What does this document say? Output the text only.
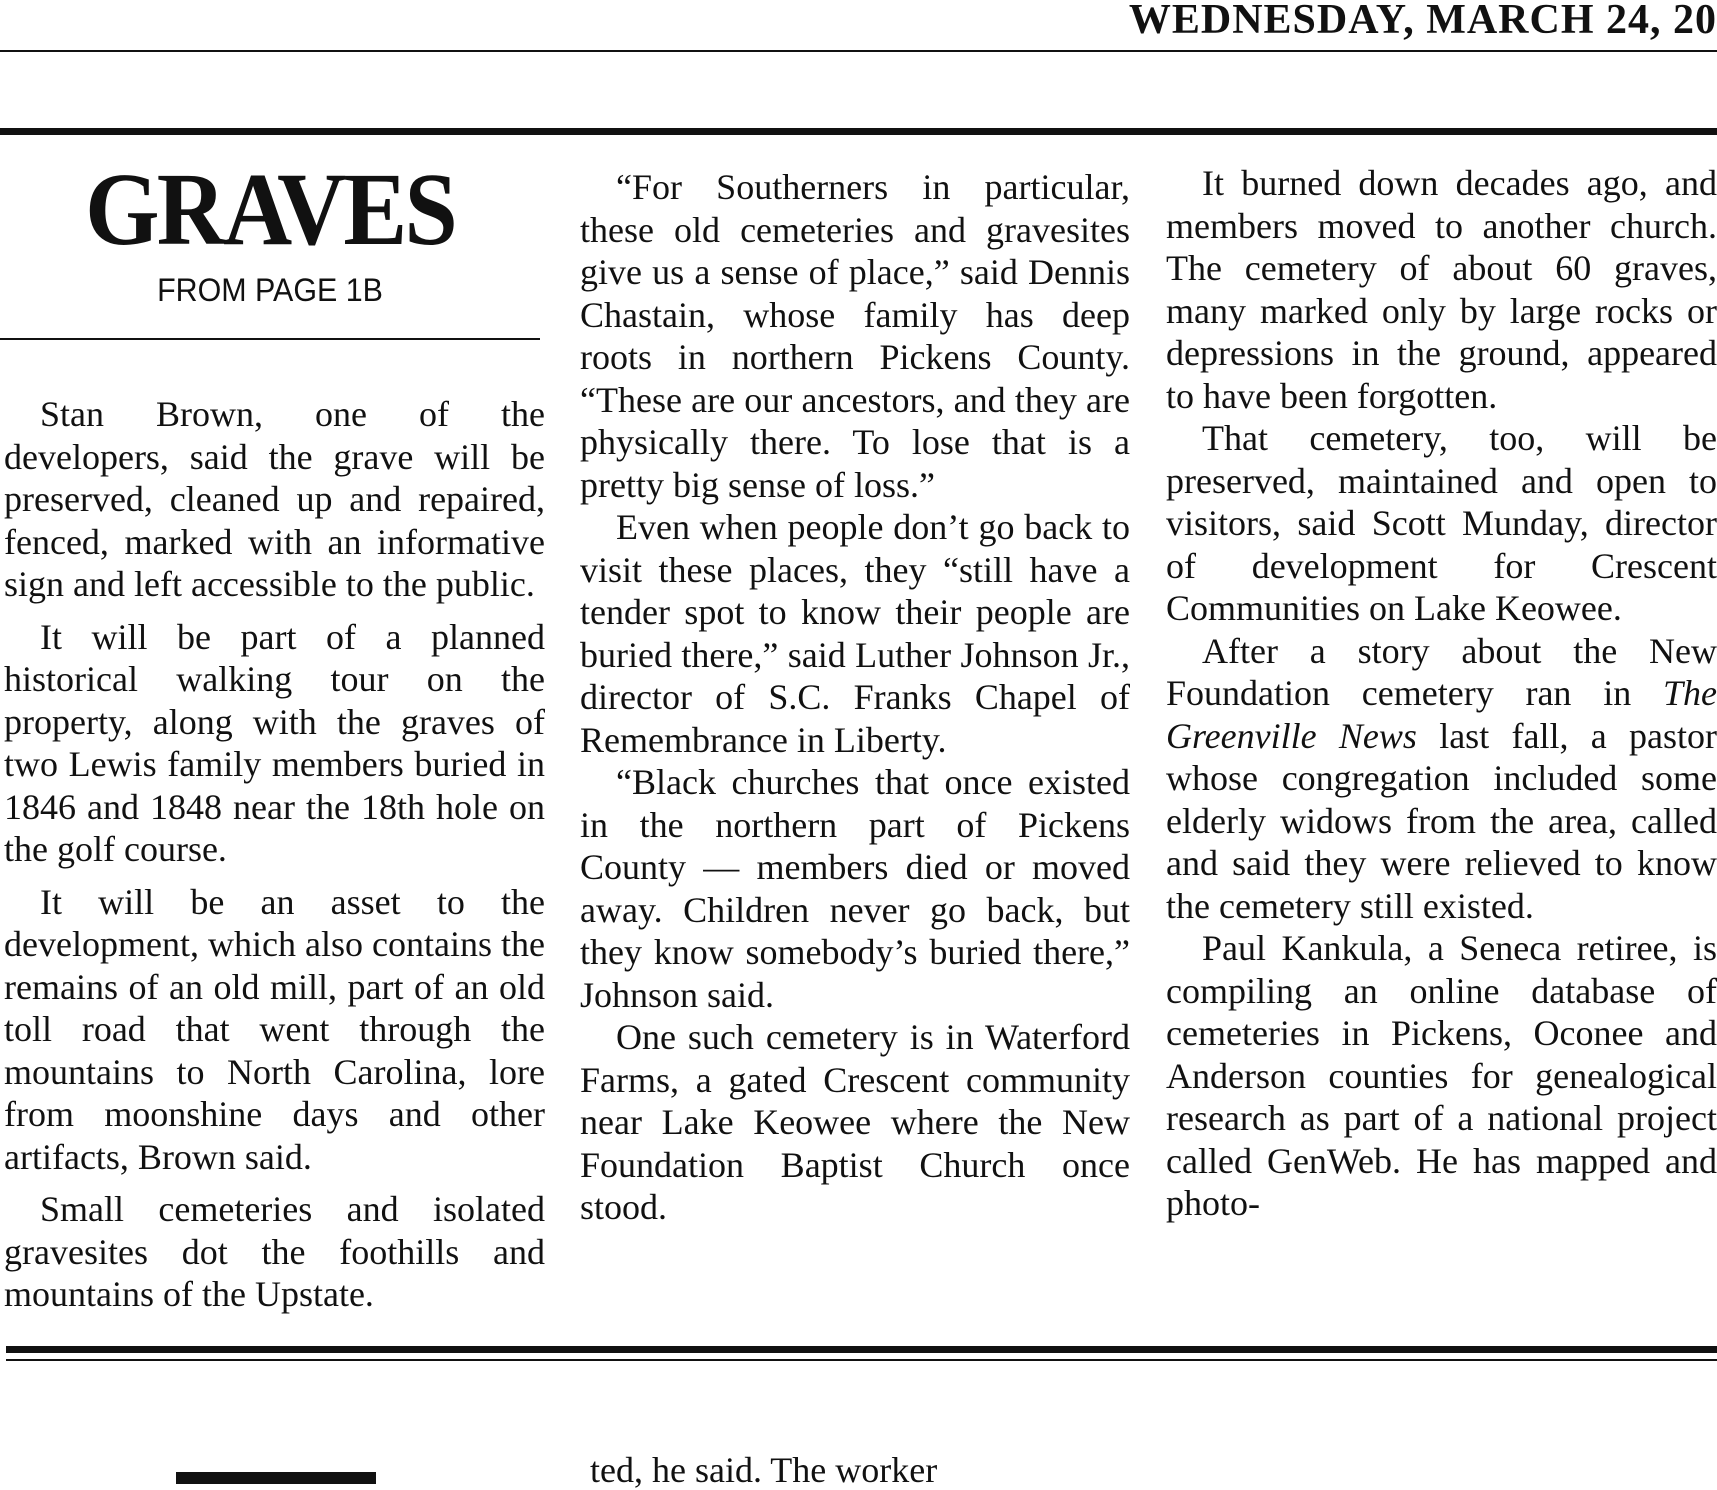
WEDNESDAY, MARCH 24, 20
GRAVES
FROM PAGE 1B

Stan Brown, one of the developers, said the grave will be preserved, cleaned up and repaired, fenced, marked with an informative sign and left accessible to the public.

It will be part of a planned historical walking tour on the property, along with the graves of two Lewis family members buried in 1846 and 1848 near the 18th hole on the golf course.

It will be an asset to the development, which also contains the remains of an old mill, part of an old toll road that went through the mountains to North Carolina, lore from moonshine days and other artifacts, Brown said.

Small cemeteries and isolated gravesites dot the foothills and mountains of the Upstate.

“For Southerners in particular, these old cemeteries and gravesites give us a sense of place,” said Dennis Chastain, whose family has deep roots in northern Pickens County. “These are our ancestors, and they are physically there. To lose that is a pretty big sense of loss.”

Even when people don’t go back to visit these places, they “still have a tender spot to know their people are buried there,” said Luther Johnson Jr., director of S.C. Franks Chapel of Remembrance in Liberty.

“Black churches that once existed in the northern part of Pickens County — members died or moved away. Children never go back, but they know somebody’s buried there,” Johnson said.

One such cemetery is in Waterford Farms, a gated Crescent community near Lake Keowee where the New Foundation Baptist Church once stood.

It burned down decades ago, and members moved to another church. The cemetery of about 60 graves, many marked only by large rocks or depressions in the ground, appeared to have been forgotten.

That cemetery, too, will be preserved, maintained and open to visitors, said Scott Munday, director of development for Crescent Communities on Lake Keowee.

After a story about the New Foundation cemetery ran in The Greenville News last fall, a pastor whose congregation included some elderly widows from the area, called and said they were relieved to know the cemetery still existed.

Paul Kankula, a Seneca retiree, is compiling an online database of cemeteries in Pickens, Oconee and Anderson counties for genealogical research as part of a national project called GenWeb. He has mapped and photo-

ted, he said. The worker
